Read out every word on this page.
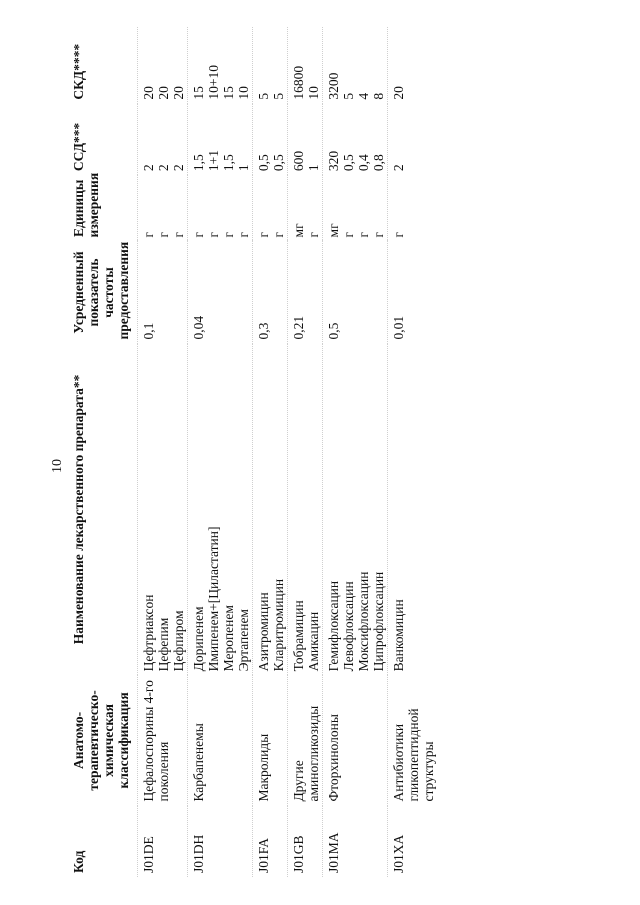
10
Код	Анатомо-терапевтическо-химическая классификация	Наименование лекарственного препарата**	Усредненный показатель частоты предоставления	Единицы измерения	ССД***	СКД****
J01DE	Цефалоспорины 4-го поколения	Цефтриаксон Цефепим Цефпиром	0,1	г г г	2 2 2	20 20 20

J01DH	Карбапенемы	Дорипенем Имипенем+[Циластатин] Меропенем Эртапенем	0,04	г г г г	1,5 1+1 1,5 1	15 10+10 15 10

J01FA	Макролиды	Азитромицин Кларитромицин	0,3	г г	0,5 0,5	5 5

J01GB	Другие аминогликозиды	Тобрамицин Амикацин	0,21	мг г	600 1	16800 10

J01MA	Фторхинолоны	Гемифлоксацин Левофлоксацин Моксифлоксацин Ципрофлоксацин	0,5	мг г г г	320 0,5 0,4 0,8	3200 5 4 8

J01XA	Антибиотики гликопептидной структуры	Ванкомицин	0,01	г	2	20
